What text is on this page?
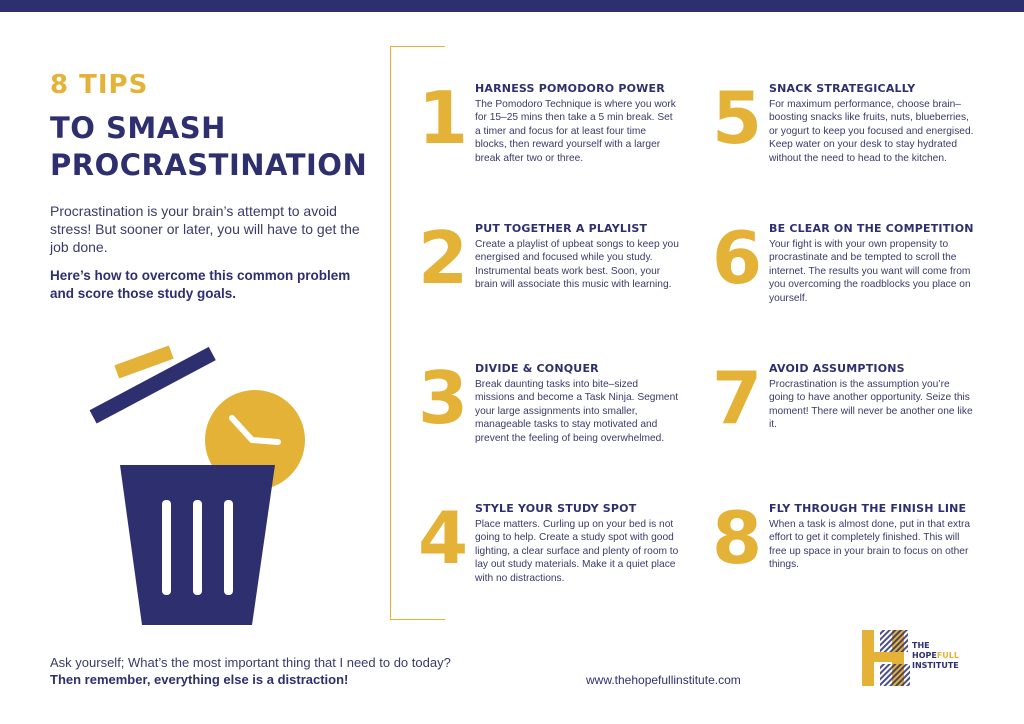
8 TIPS
TO SMASH PROCRASTINATION
Procrastination is your brain’s attempt to avoid stress! But sooner or later, you will have to get the job done.
Here’s how to overcome this common problem and score those study goals.
1 HARNESS POMODORO POWER
The Pomodoro Technique is where you work for 15–25 mins then take a 5 min break. Set a timer and focus for at least four time blocks, then reward yourself with a larger break after two or three.
2 PUT TOGETHER A PLAYLIST
Create a playlist of upbeat songs to keep you energised and focused while you study. Instrumental beats work best. Soon, your brain will associate this music with learning.
3 DIVIDE & CONQUER
Break daunting tasks into bite–sized missions and become a Task Ninja. Segment your large assignments into smaller, manageable tasks to stay motivated and prevent the feeling of being overwhelmed.
4 STYLE YOUR STUDY SPOT
Place matters. Curling up on your bed is not going to help. Create a study spot with good lighting, a clear surface and plenty of room to lay out study materials. Make it a quiet place with no distractions.
5 SNACK STRATEGICALLY
For maximum performance, choose brain–boosting snacks like fruits, nuts, blueberries, or yogurt to keep you focused and energised. Keep water on your desk to stay hydrated without the need to head to the kitchen.
6 BE CLEAR ON THE COMPETITION
Your fight is with your own propensity to procrastinate and be tempted to scroll the internet. The results you want will come from you overcoming the roadblocks you place on yourself.
7 AVOID ASSUMPTIONS
Procrastination is the assumption you’re going to have another opportunity. Seize this moment! There will never be another one like it.
8 FLY THROUGH THE FINISH LINE
When a task is almost done, put in that extra effort to get it completely finished. This will free up space in your brain to focus on other things.
Ask yourself; What’s the most important thing that I need to do today?
Then remember, everything else is a distraction!	www.thehopefullinstitute.com
THE
HOPEFULL
INSTITUTE
